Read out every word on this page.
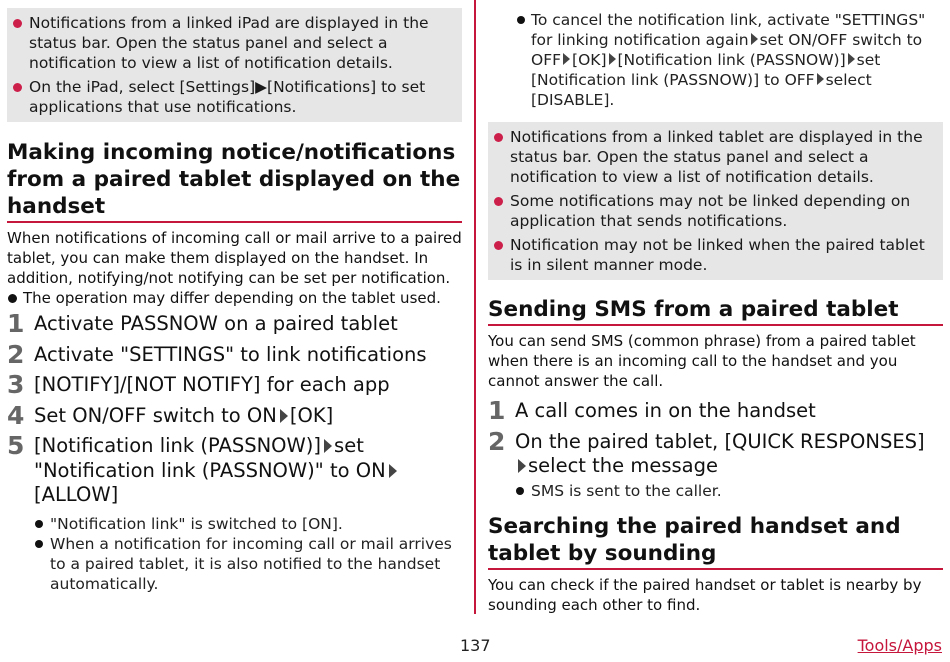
Notifications from a linked iPad are displayed in the status bar. Open the status panel and select a notification to view a list of notification details.
On the iPad, select [Settings]▶[Notifications] to set applications that use notifications.
Making incoming notice/notifications from a paired tablet displayed on the handset
When notifications of incoming call or mail arrive to a paired tablet, you can make them displayed on the handset. In addition, notifying/not notifying can be set per notification.
The operation may differ depending on the tablet used.
1 Activate PASSNOW on a paired tablet
2 Activate "SETTINGS" to link notifications
3 [NOTIFY]/[NOT NOTIFY] for each app
4 Set ON/OFF switch to ON [OK]
5 [Notification link (PASSNOW)] set "Notification link (PASSNOW)" to ON[ALLOW]
"Notification link" is switched to [ON].
When a notification for incoming call or mail arrives to a paired tablet, it is also notified to the handset automatically.
To cancel the notification link, activate "SETTINGS" for linking notification again set ON/OFF switch to OFF [OK] [Notification link (PASSNOW)] set [Notification link (PASSNOW)] to OFF select [DISABLE].
Notifications from a linked tablet are displayed in the status bar. Open the status panel and select a notification to view a list of notification details.
Some notifications may not be linked depending on application that sends notifications.
Notification may not be linked when the paired tablet is in silent manner mode.
Sending SMS from a paired tablet
You can send SMS (common phrase) from a paired tablet when there is an incoming call to the handset and you cannot answer the call.
1 A call comes in on the handset
2 On the paired tablet, [QUICK RESPONSES]
select the message
SMS is sent to the caller.
Searching the paired handset and tablet by sounding
You can check if the paired handset or tablet is nearby by sounding each other to find.
137	Tools/Apps
